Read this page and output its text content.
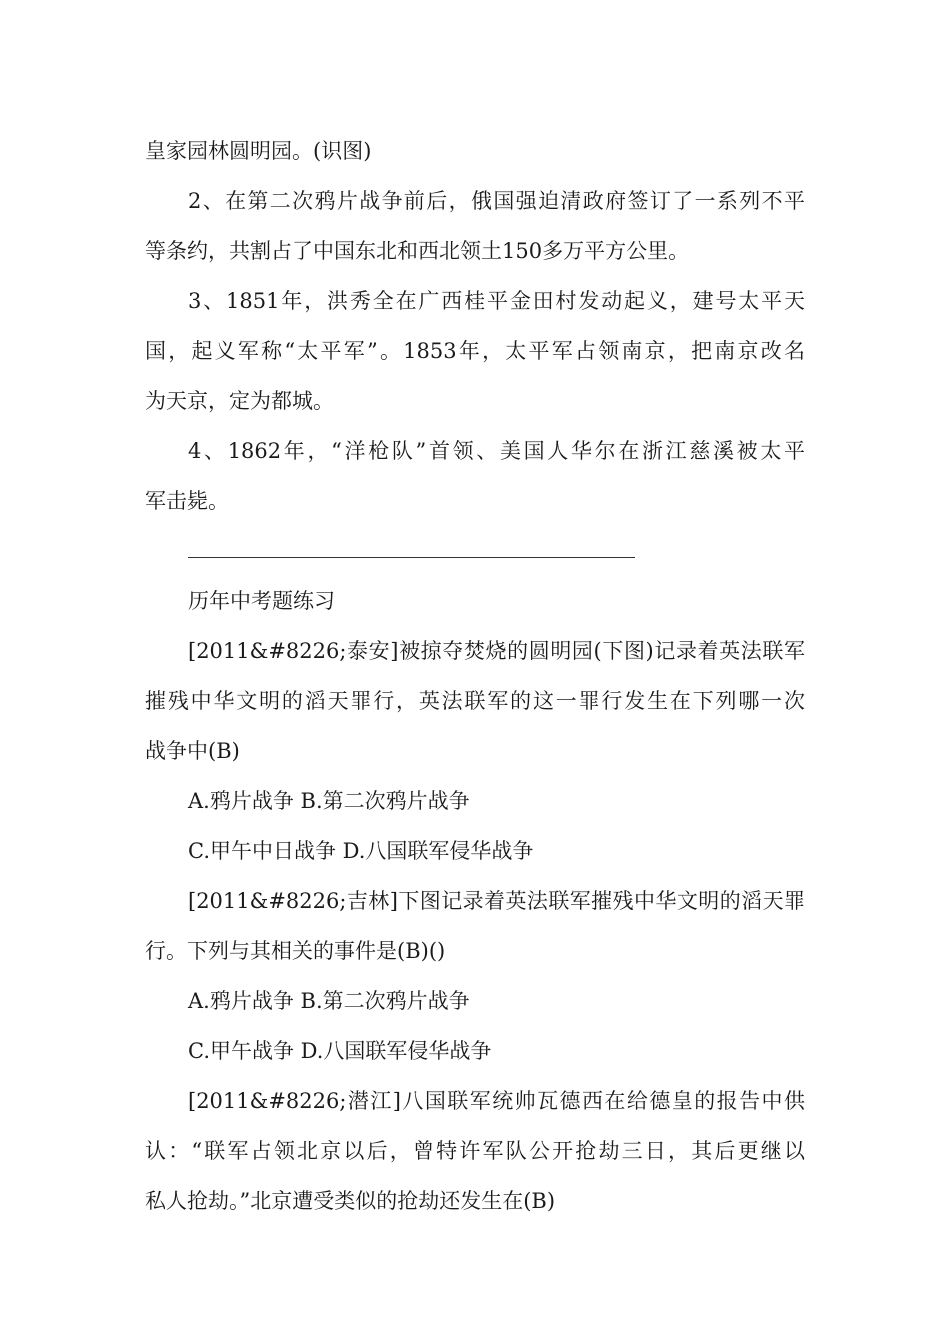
皇家园林圆明园。(识图)
2、在第二次鸦片战争前后，俄国强迫清政府签订了一系列不平
等条约，共割占了中国东北和西北领土150多万平方公里。
3、1851年，洪秀全在广西桂平金田村发动起义，建号太平天
国，起义军称“太平军”。1853年，太平军占领南京，把南京改名
为天京，定为都城。
4、1862年，“洋枪队”首领、美国人华尔在浙江慈溪被太平
军击毙。
历年中考题练习
[2011&#8226;泰安]被掠夺焚烧的圆明园(下图)记录着英法联军
摧残中华文明的滔天罪行，英法联军的这一罪行发生在下列哪一次
战争中(B)
A.鸦片战争 B.第二次鸦片战争
C.甲午中日战争 D.八国联军侵华战争
[2011&#8226;吉林]下图记录着英法联军摧残中华文明的滔天罪
行。下列与其相关的事件是(B)()
A.鸦片战争 B.第二次鸦片战争
C.甲午战争 D.八国联军侵华战争
[2011&#8226;潜江]八国联军统帅瓦德西在给德皇的报告中供
认：“联军占领北京以后，曾特许军队公开抢劫三日，其后更继以
私人抢劫。”北京遭受类似的抢劫还发生在(B)
